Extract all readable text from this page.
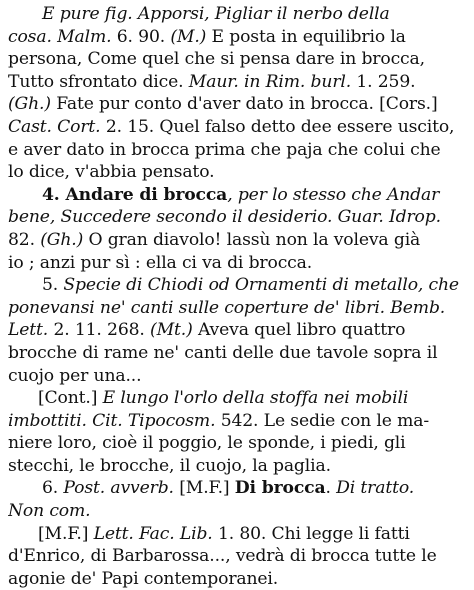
E pure fig. Apporsi, Pigliar il nerbo della
cosa. Malm. 6. 90. (M.) E posta in equilibrio la
persona, Come quel che si pensa dare in brocca,
Tutto sfrontato dice. Maur. in Rim. burl. 1. 259.
(Gh.) Fate pur conto d'aver dato in brocca. [Cors.]
Cast. Cort. 2. 15. Quel falso detto dee essere uscito,
e aver dato in brocca prima che paja che colui che
lo dice, v'abbia pensato.
4. Andare di brocca, per lo stesso che Andar
bene, Succedere secondo il desiderio. Guar. Idrop.
82. (Gh.) O gran diavolo! lassù non la voleva già
io ; anzi pur sì : ella ci va di brocca.
5. Specie di Chiodi od Ornamenti di metallo, che
ponevansi ne' canti sulle coperture de' libri. Bemb.
Lett. 2. 11. 268. (Mt.) Aveva quel libro quattro
brocche di rame ne' canti delle due tavole sopra il
cuojo per una...
[Cont.] E lungo l'orlo della stoffa nei mobili
imbottiti. Cit. Tipocosm. 542. Le sedie con le ma-
niere loro, cioè il poggio, le sponde, i piedi, gli
stecchi, le brocche, il cuojo, la paglia.
6. Post. avverb. [M.F.] Di brocca. Di tratto.
Non com.
[M.F.] Lett. Fac. Lib. 1. 80. Chi legge li fatti
d'Enrico, di Barbarossa..., vedrà di brocca tutte le
agonie de' Papi contemporanei.
